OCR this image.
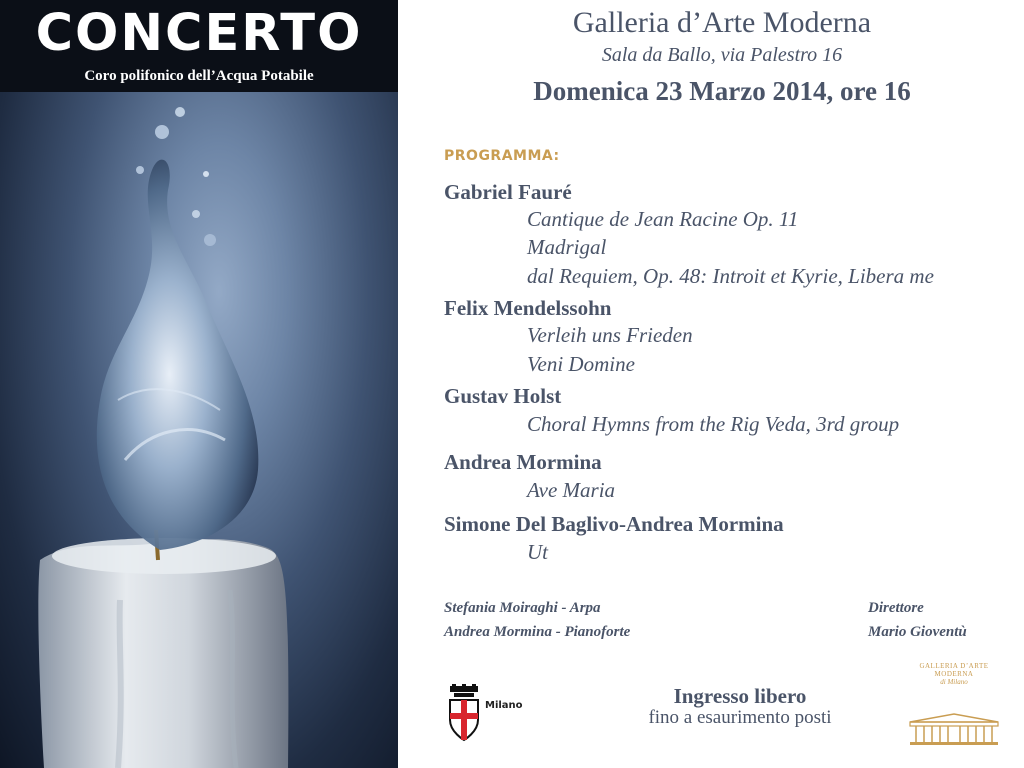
CONCERTO
Coro polifonico dell’Acqua Potabile
Galleria d’Arte Moderna
Sala da Ballo, via Palestro 16
Domenica 23 Marzo 2014, ore 16
PROGRAMMA:
Gabriel Fauré
Cantique de Jean Racine Op. 11
Madrigal
dal Requiem, Op. 48: Introit et Kyrie, Libera me
Felix Mendelssohn
Verleih uns Frieden
Veni Domine
Gustav Holst
Choral Hymns from the Rig Veda, 3rd group
Andrea Mormina
Ave Maria
Simone Del Baglivo-Andrea Mormina
Ut
Stefania Moiraghi - Arpa
Andrea Mormina - Pianoforte
Direttore
Mario Gioventù
Milano	Ingresso libero
fino a esaurimento posti
GALLERIA D’ARTE MODERNA
di Milano
